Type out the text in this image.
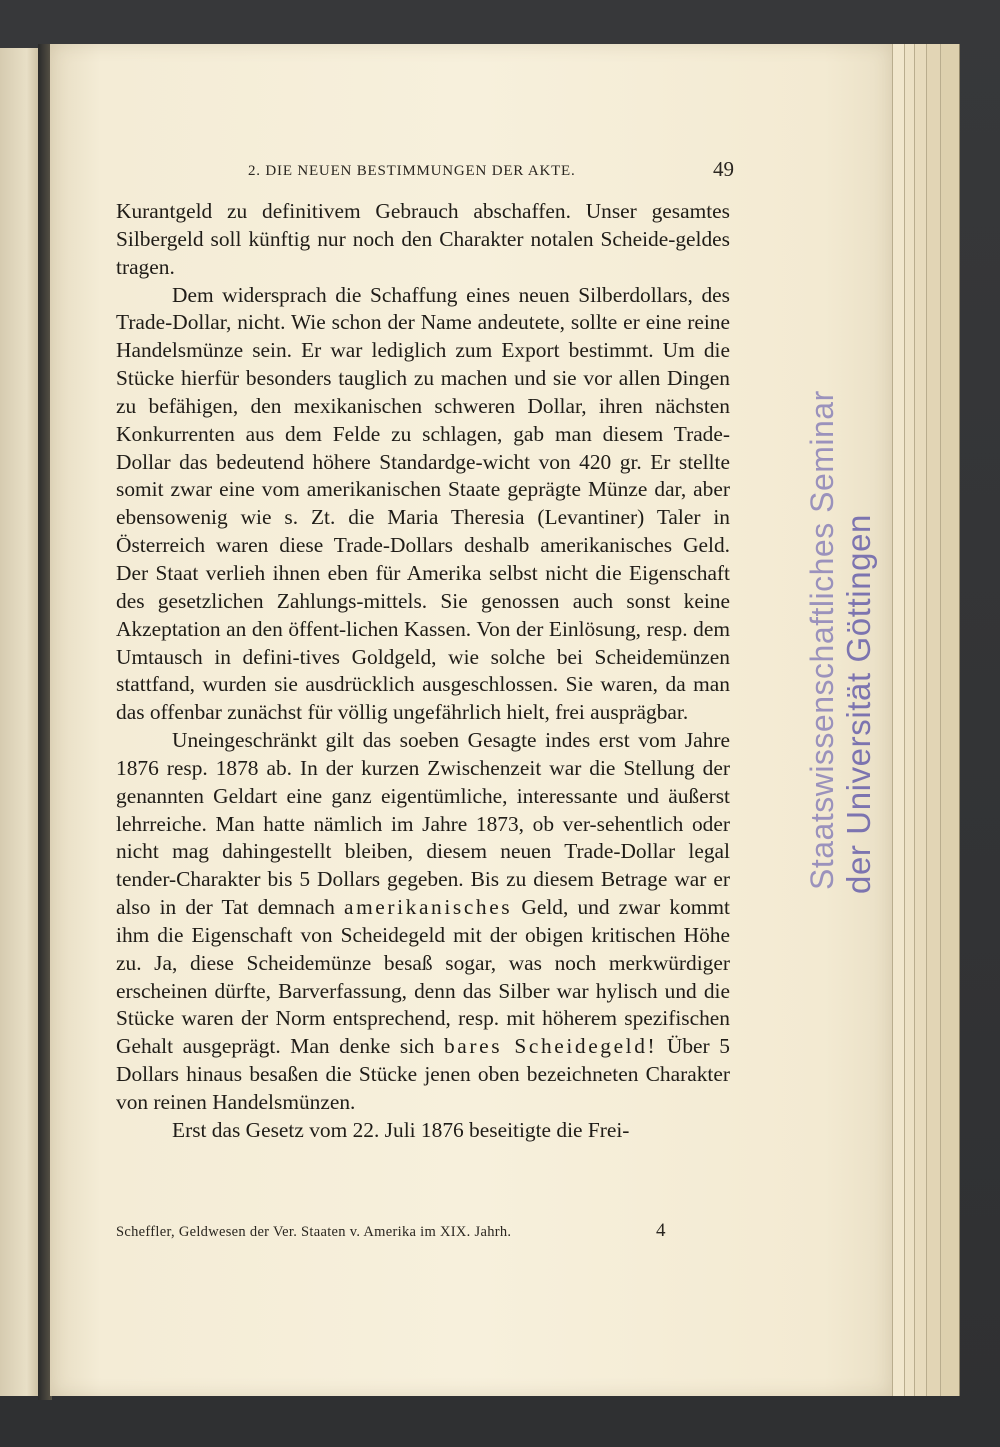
2. DIE NEUEN BESTIMMUNGEN DER AKTE.	49

Kurantgeld zu definitivem Gebrauch abschaffen. Unser gesamtes Silbergeld soll künftig nur noch den Charakter notalen Scheide-geldes tragen.

Dem widersprach die Schaffung eines neuen Silberdollars, des Trade-Dollar, nicht. Wie schon der Name andeutete, sollte er eine reine Handelsmünze sein. Er war lediglich zum Export bestimmt. Um die Stücke hierfür besonders tauglich zu machen und sie vor allen Dingen zu befähigen, den mexikanischen schweren Dollar, ihren nächsten Konkurrenten aus dem Felde zu schlagen, gab man diesem Trade-Dollar das bedeutend höhere Standardge-wicht von 420 gr. Er stellte somit zwar eine vom amerikanischen Staate geprägte Münze dar, aber ebensowenig wie s. Zt. die Maria Theresia (Levantiner) Taler in Österreich waren diese Trade-Dollars deshalb amerikanisches Geld. Der Staat verlieh ihnen eben für Amerika selbst nicht die Eigenschaft des gesetzlichen Zahlungs-mittels. Sie genossen auch sonst keine Akzeptation an den öffent-lichen Kassen. Von der Einlösung, resp. dem Umtausch in defini-tives Goldgeld, wie solche bei Scheidemünzen stattfand, wurden sie ausdrücklich ausgeschlossen. Sie waren, da man das offenbar zunächst für völlig ungefährlich hielt, frei ausprägbar.

Uneingeschränkt gilt das soeben Gesagte indes erst vom Jahre 1876 resp. 1878 ab. In der kurzen Zwischenzeit war die Stellung der genannten Geldart eine ganz eigentümliche, interessante und äußerst lehrreiche. Man hatte nämlich im Jahre 1873, ob ver-sehentlich oder nicht mag dahingestellt bleiben, diesem neuen Trade-Dollar legal tender-Charakter bis 5 Dollars gegeben. Bis zu diesem Betrage war er also in der Tat demnach amerikanisches Geld, und zwar kommt ihm die Eigenschaft von Scheidegeld mit der obigen kritischen Höhe zu. Ja, diese Scheidemünze besaß sogar, was noch merkwürdiger erscheinen dürfte, Barverfassung, denn das Silber war hylisch und die Stücke waren der Norm entsprechend, resp. mit höherem spezifischen Gehalt ausgeprägt. Man denke sich bares Scheidegeld! Über 5 Dollars hinaus besaßen die Stücke jenen oben bezeichneten Charakter von reinen Handelsmünzen.

Erst das Gesetz vom 22. Juli 1876 beseitigte die Frei-

Scheffler, Geldwesen der Ver. Staaten v. Amerika im XIX. Jahrh.	4
Staatswissenschaftliches Seminar der Universität Göttingen
